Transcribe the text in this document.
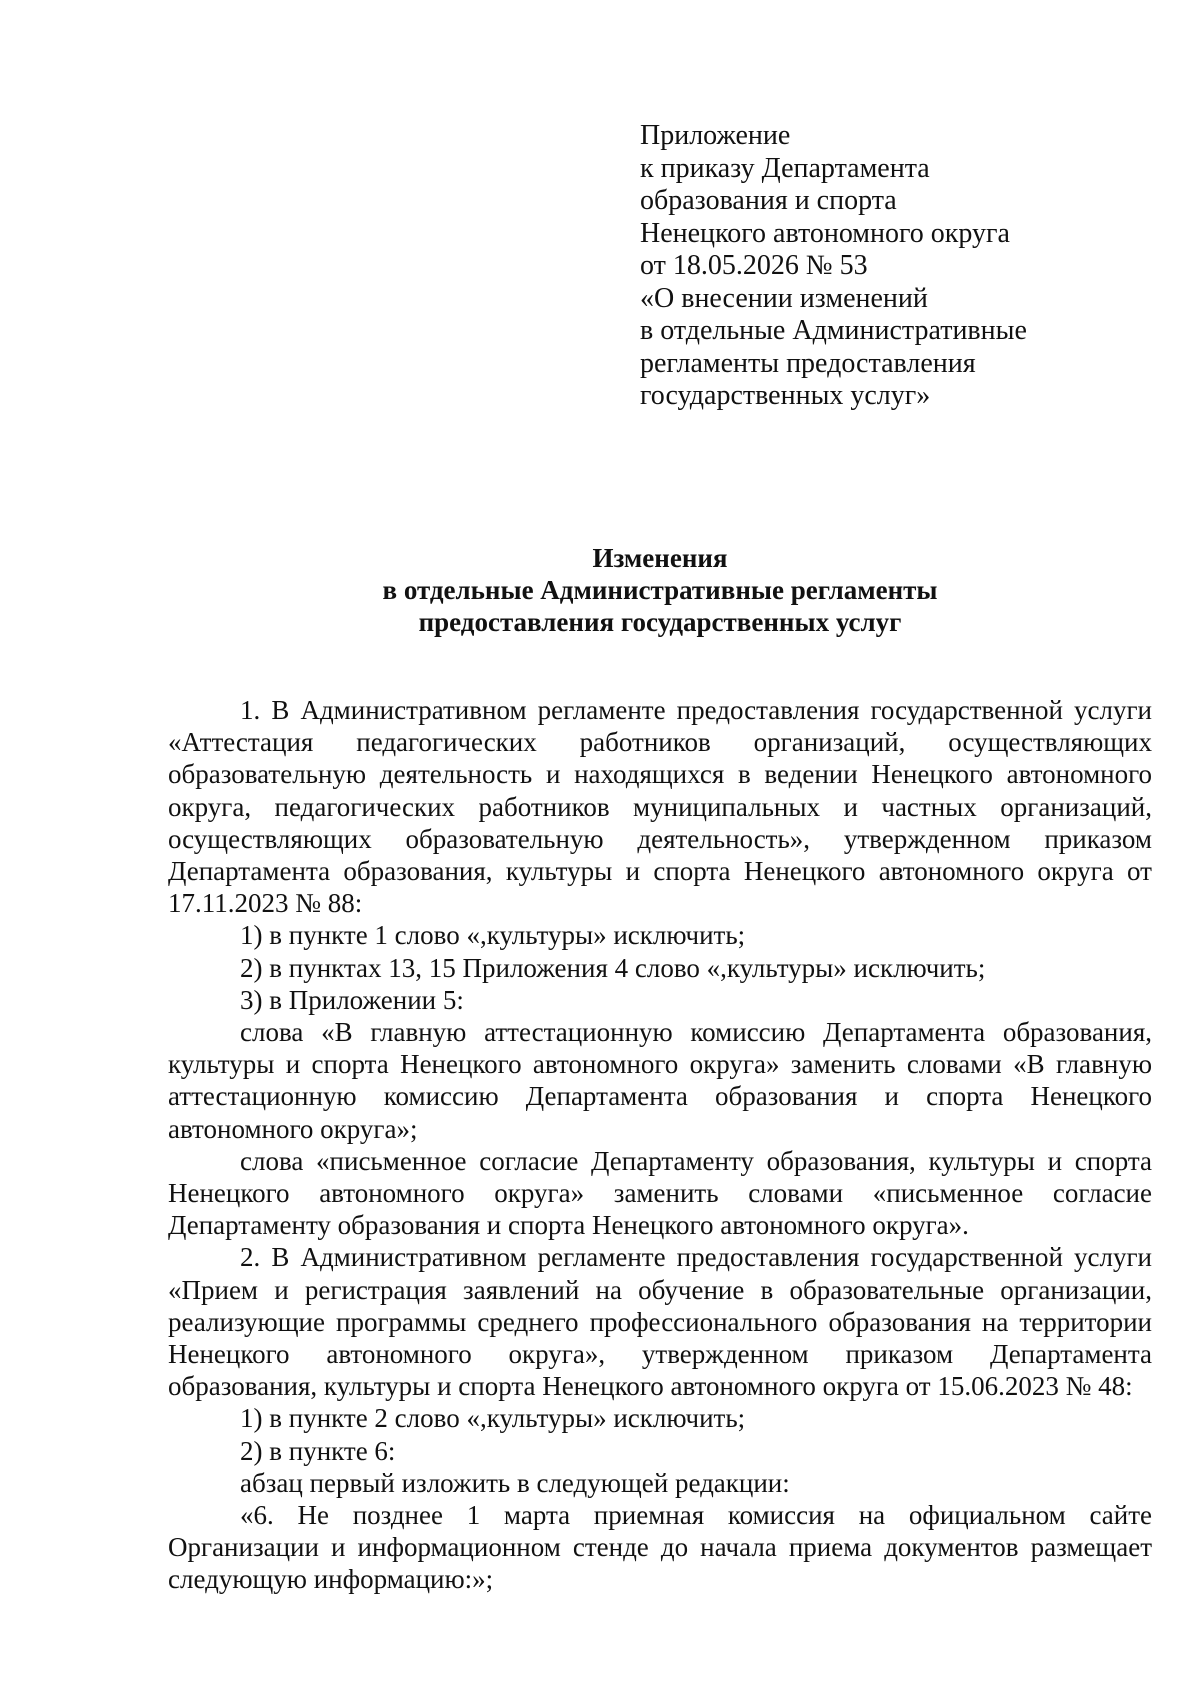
Приложение
к приказу Департамента
образования и спорта
Ненецкого автономного округа
от 18.05.2026 № 53
«О внесении изменений
в отдельные Административные
регламенты предоставления
государственных услуг»
Изменения
в отдельные Административные регламенты
предоставления государственных услуг

1. В Административном регламенте предоставления государственной услуги «Аттестация педагогических работников организаций, осуществляющих образовательную деятельность и находящихся в ведении Ненецкого автономного округа, педагогических работников муниципальных и частных организаций, осуществляющих образовательную деятельность», утвержденном приказом Департамента образования, культуры и спорта Ненецкого автономного округа от 17.11.2023 № 88:

1) в пункте 1 слово «,культуры» исключить;

2) в пунктах 13, 15 Приложения 4 слово «,культуры» исключить;

3) в Приложении 5:

слова «В главную аттестационную комиссию Департамента образования, культуры и спорта Ненецкого автономного округа» заменить словами «В главную аттестационную комиссию Департамента образования и спорта Ненецкого автономного округа»;

слова «письменное согласие Департаменту образования, культуры и спорта Ненецкого автономного округа» заменить словами «письменное согласие Департаменту образования и спорта Ненецкого автономного округа».

2. В Административном регламенте предоставления государственной услуги «Прием и регистрация заявлений на обучение в образовательные организации, реализующие программы среднего профессионального образования на территории Ненецкого автономного округа», утвержденном приказом Департамента образования, культуры и спорта Ненецкого автономного округа от 15.06.2023 № 48:

1) в пункте 2 слово «,культуры» исключить;

2) в пункте 6:

абзац первый изложить в следующей редакции:

«6. Не позднее 1 марта приемная комиссия на официальном сайте Организации и информационном стенде до начала приема документов размещает следующую информацию:»;
